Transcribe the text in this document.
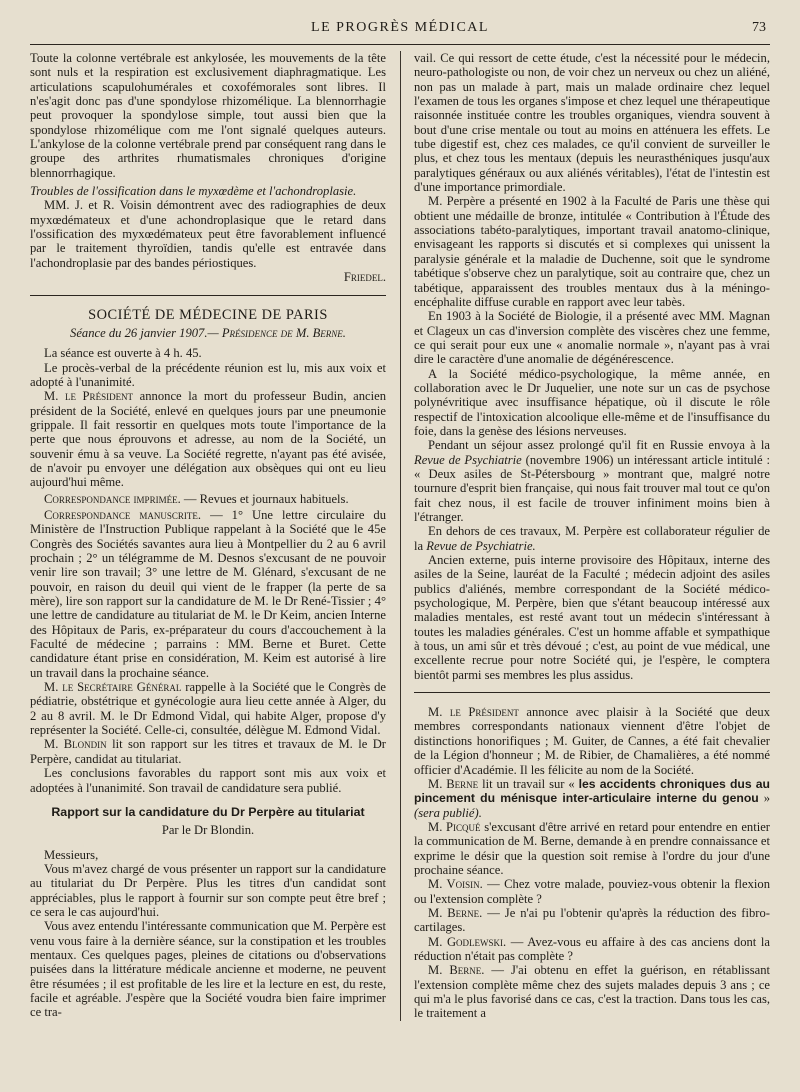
LE PROGRÈS MÉDICAL	73

Toute la colonne vertébrale est ankylosée, les mouvements de la tête sont nuls et la respiration est exclusivement diaphragmatique. Les articulations scapulohumérales et coxofémorales sont libres. Il n'es'agit donc pas d'une spondylose rhizomélique. La blennorrhagie peut provoquer la spondylose simple, tout aussi bien que la spondylose rhizomélique com me l'ont signalé quelques auteurs. L'ankylose de la colonne vertébrale prend par conséquent rang dans le groupe des arthrites rhumatismales chroniques d'origine blennorrhagique.

Troubles de l'ossification dans le myxœdème et l'achondroplasie.

MM. J. et R. Voisin démontrent avec des radiographies de deux myxœdémateux et d'une achondroplasique que le retard dans l'ossification des myxœdémateux peut être favorablement influencé par le traitement thyroïdien, tandis qu'elle est entravée dans l'achondroplasie par des bandes périostiques.

Friedel.

SOCIÉTÉ DE MÉDECINE DE PARIS
Séance du 26 janvier 1907.— Présidence de M. Berne.

La séance est ouverte à 4 h. 45.

Le procès-verbal de la précédente réunion est lu, mis aux voix et adopté à l'unanimité.

M. le Président annonce la mort du professeur Budin, ancien président de la Société, enlevé en quelques jours par une pneumonie grippale. Il fait ressortir en quelques mots toute l'importance de la perte que nous éprouvons et adresse, au nom de la Société, un souvenir ému à sa veuve. La Société regrette, n'ayant pas été avisée, de n'avoir pu envoyer une délégation aux obsèques qui ont eu lieu aujourd'hui même.

Correspondance imprimée. — Revues et journaux habituels.

Correspondance manuscrite. — 1° Une lettre circulaire du Ministère de l'Instruction Publique rappelant à la Société que le 45e Congrès des Sociétés savantes aura lieu à Montpellier du 2 au 6 avril prochain ; 2° un télégramme de M. Desnos s'excusant de ne pouvoir venir lire son travail; 3° une lettre de M. Glénard, s'excusant de ne pouvoir, en raison du deuil qui vient de le frapper (la perte de sa mère), lire son rapport sur la candidature de M. le Dr René-Tissier ; 4° une lettre de candidature au titulariat de M. le Dr Keim, ancien Interne des Hôpitaux de Paris, ex-préparateur du cours d'accouchement à la Faculté de médecine ; parrains : MM. Berne et Buret. Cette candidature étant prise en considération, M. Keim est autorisé à lire un travail dans la prochaine séance.

M. le Secrétaire Général rappelle à la Société que le Congrès de pédiatrie, obstétrique et gynécologie aura lieu cette année à Alger, du 2 au 8 avril. M. le Dr Edmond Vidal, qui habite Alger, propose d'y représenter la Société. Celle-ci, consultée, délègue M. Edmond Vidal.

M. Blondin lit son rapport sur les titres et travaux de M. le Dr Perpère, candidat au titulariat.

Les conclusions favorables du rapport sont mis aux voix et adoptées à l'unanimité. Son travail de candidature sera publié.

Rapport sur la candidature du Dr Perpère au titulariat
Par le Dr Blondin.

Messieurs,

Vous m'avez chargé de vous présenter un rapport sur la candidature au titulariat du Dr Perpère. Plus les titres d'un candidat sont appréciables, plus le rapport à fournir sur son compte peut être bref ; ce sera le cas aujourd'hui.

Vous avez entendu l'intéressante communication que M. Perpère est venu vous faire à la dernière séance, sur la constipation et les troubles mentaux. Ces quelques pages, pleines de citations ou d'observations puisées dans la littérature médicale ancienne et moderne, ne peuvent être résumées ; il est profitable de les lire et la lecture en est, du reste, facile et agréable. J'espère que la Société voudra bien faire imprimer ce tra-

vail. Ce qui ressort de cette étude, c'est la nécessité pour le médecin, neuro-pathologiste ou non, de voir chez un nerveux ou chez un aliéné, non pas un malade à part, mais un malade ordinaire chez lequel l'examen de tous les organes s'impose et chez lequel une thérapeutique raisonnée instituée contre les troubles organiques, viendra souvent à bout d'une crise mentale ou tout au moins en atténuera les effets. Le tube digestif est, chez ces malades, ce qu'il convient de surveiller le plus, et chez tous les mentaux (depuis les neurasthéniques jusqu'aux paralytiques généraux ou aux aliénés véritables), l'état de l'intestin est d'une importance primordiale.

M. Perpère a présenté en 1902 à la Faculté de Paris une thèse qui obtient une médaille de bronze, intitulée « Contribution à l'Étude des associations tabéto-paralytiques, important travail anatomo-clinique, envisageant les rapports si discutés et si complexes qui unissent la paralysie générale et la maladie de Duchenne, soit que le syndrome tabétique s'observe chez un paralytique, soit au contraire que, chez un tabétique, apparaissent des troubles mentaux dus à la méningo-encéphalite diffuse curable en rapport avec leur tabès.

En 1903 à la Société de Biologie, il a présenté avec MM. Magnan et Clageux un cas d'inversion complète des viscères chez une femme, ce qui serait pour eux une « anomalie normale », n'ayant pas à vrai dire le caractère d'une anomalie de dégénérescence.

A la Société médico-psychologique, la même année, en collaboration avec le Dr Juquelier, une note sur un cas de psychose polynévritique avec insuffisance hépatique, où il discute le rôle respectif de l'intoxication alcoolique elle-même et de l'insuffisance du foie, dans la genèse des lésions nerveuses.

Pendant un séjour assez prolongé qu'il fit en Russie envoya à la Revue de Psychiatrie (novembre 1906) un intéressant article intitulé : « Deux asiles de St-Pétersbourg » montrant que, malgré notre tournure d'esprit bien française, qui nous fait trouver mal tout ce qu'on fait chez nous, il est facile de trouver infiniment moins bien à l'étranger.

En dehors de ces travaux, M. Perpère est collaborateur régulier de la Revue de Psychiatrie.

Ancien externe, puis interne provisoire des Hôpitaux, interne des asiles de la Seine, lauréat de la Faculté ; médecin adjoint des asiles publics d'aliénés, membre correspondant de la Société médico-psychologique, M. Perpère, bien que s'étant beaucoup intéressé aux maladies mentales, est resté avant tout un médecin s'intéressant à toutes les maladies générales. C'est un homme affable et sympathique à tous, un ami sûr et très dévoué ; c'est, au point de vue médical, une excellente recrue pour notre Société qui, je l'espère, le comptera bientôt parmi ses membres les plus assidus.

M. le Président annonce avec plaisir à la Société que deux membres correspondants nationaux viennent d'être l'objet de distinctions honorifiques ; M. Guiter, de Cannes, a été fait chevalier de la Légion d'honneur ; M. de Ribier, de Chamalières, a été nommé officier d'Académie. Il les félicite au nom de la Société.

M. Berne lit un travail sur « les accidents chroniques dus au pincement du ménisque inter-articulaire interne du genou » (sera publié).

M. Picqué s'excusant d'être arrivé en retard pour entendre en entier la communication de M. Berne, demande à en prendre connaissance et exprime le désir que la question soit remise à l'ordre du jour d'une prochaine séance.

M. Voisin. — Chez votre malade, pouviez-vous obtenir la flexion ou l'extension complète ?

M. Berne. — Je n'ai pu l'obtenir qu'après la réduction des fibro-cartilages.

M. Godlewski. — Avez-vous eu affaire à des cas anciens dont la réduction n'était pas complète ?

M. Berne. — J'ai obtenu en effet la guérison, en rétablissant l'extension complète même chez des sujets malades depuis 3 ans ; ce qui m'a le plus favorisé dans ce cas, c'est la traction. Dans tous les cas, le traitement a
